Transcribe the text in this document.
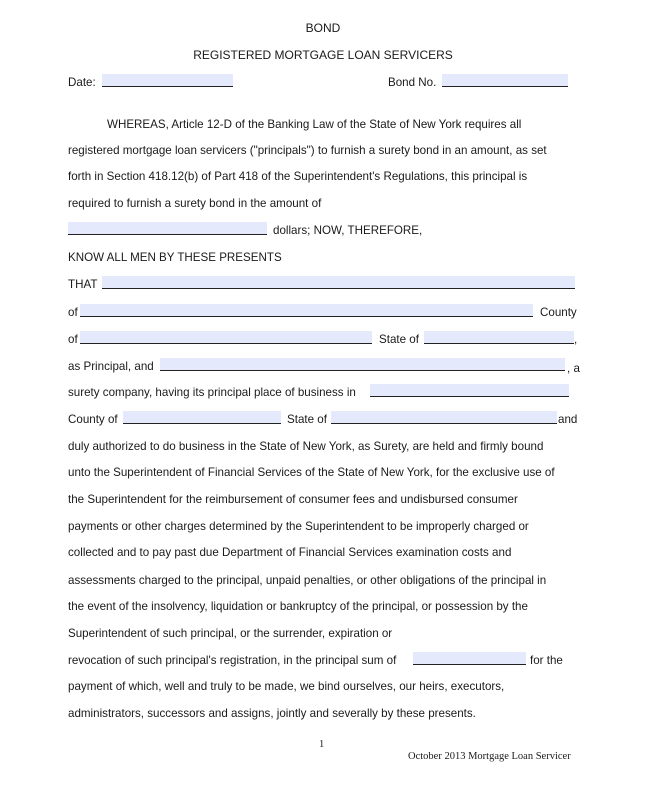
BOND
REGISTERED MORTGAGE LOAN SERVICERS
Date:	Bond No.
WHEREAS, Article 12-D of the Banking Law of the State of New York requires all
registered mortgage loan servicers ("principals") to furnish a surety bond in an amount, as set
forth in Section 418.12(b) of Part 418 of the Superintendent's Regulations, this principal is
required to furnish a surety bond in the amount of
dollars; NOW, THEREFORE,
KNOW ALL MEN BY THESE PRESENTS
THAT
of	County
of	State of	,
as Principal, and	, a
surety company, having its principal place of business in
County of	State of	and
duly authorized to do business in the State of New York, as Surety, are held and firmly bound
unto the Superintendent of Financial Services of the State of New York, for the exclusive use of
the Superintendent for the reimbursement of consumer fees and undisbursed consumer
payments or other charges determined by the Superintendent to be improperly charged or
collected and to pay past due Department of Financial Services examination costs and
assessments charged to the principal, unpaid penalties, or other obligations of the principal in
the event of the insolvency, liquidation or bankruptcy of the principal, or possession by the
Superintendent of such principal, or the surrender, expiration or
revocation of such principal's registration, in the principal sum of	for the
payment of which, well and truly to be made, we bind ourselves, our heirs, executors,
administrators, successors and assigns, jointly and severally by these presents.
1
October 2013 Mortgage Loan Servicer
